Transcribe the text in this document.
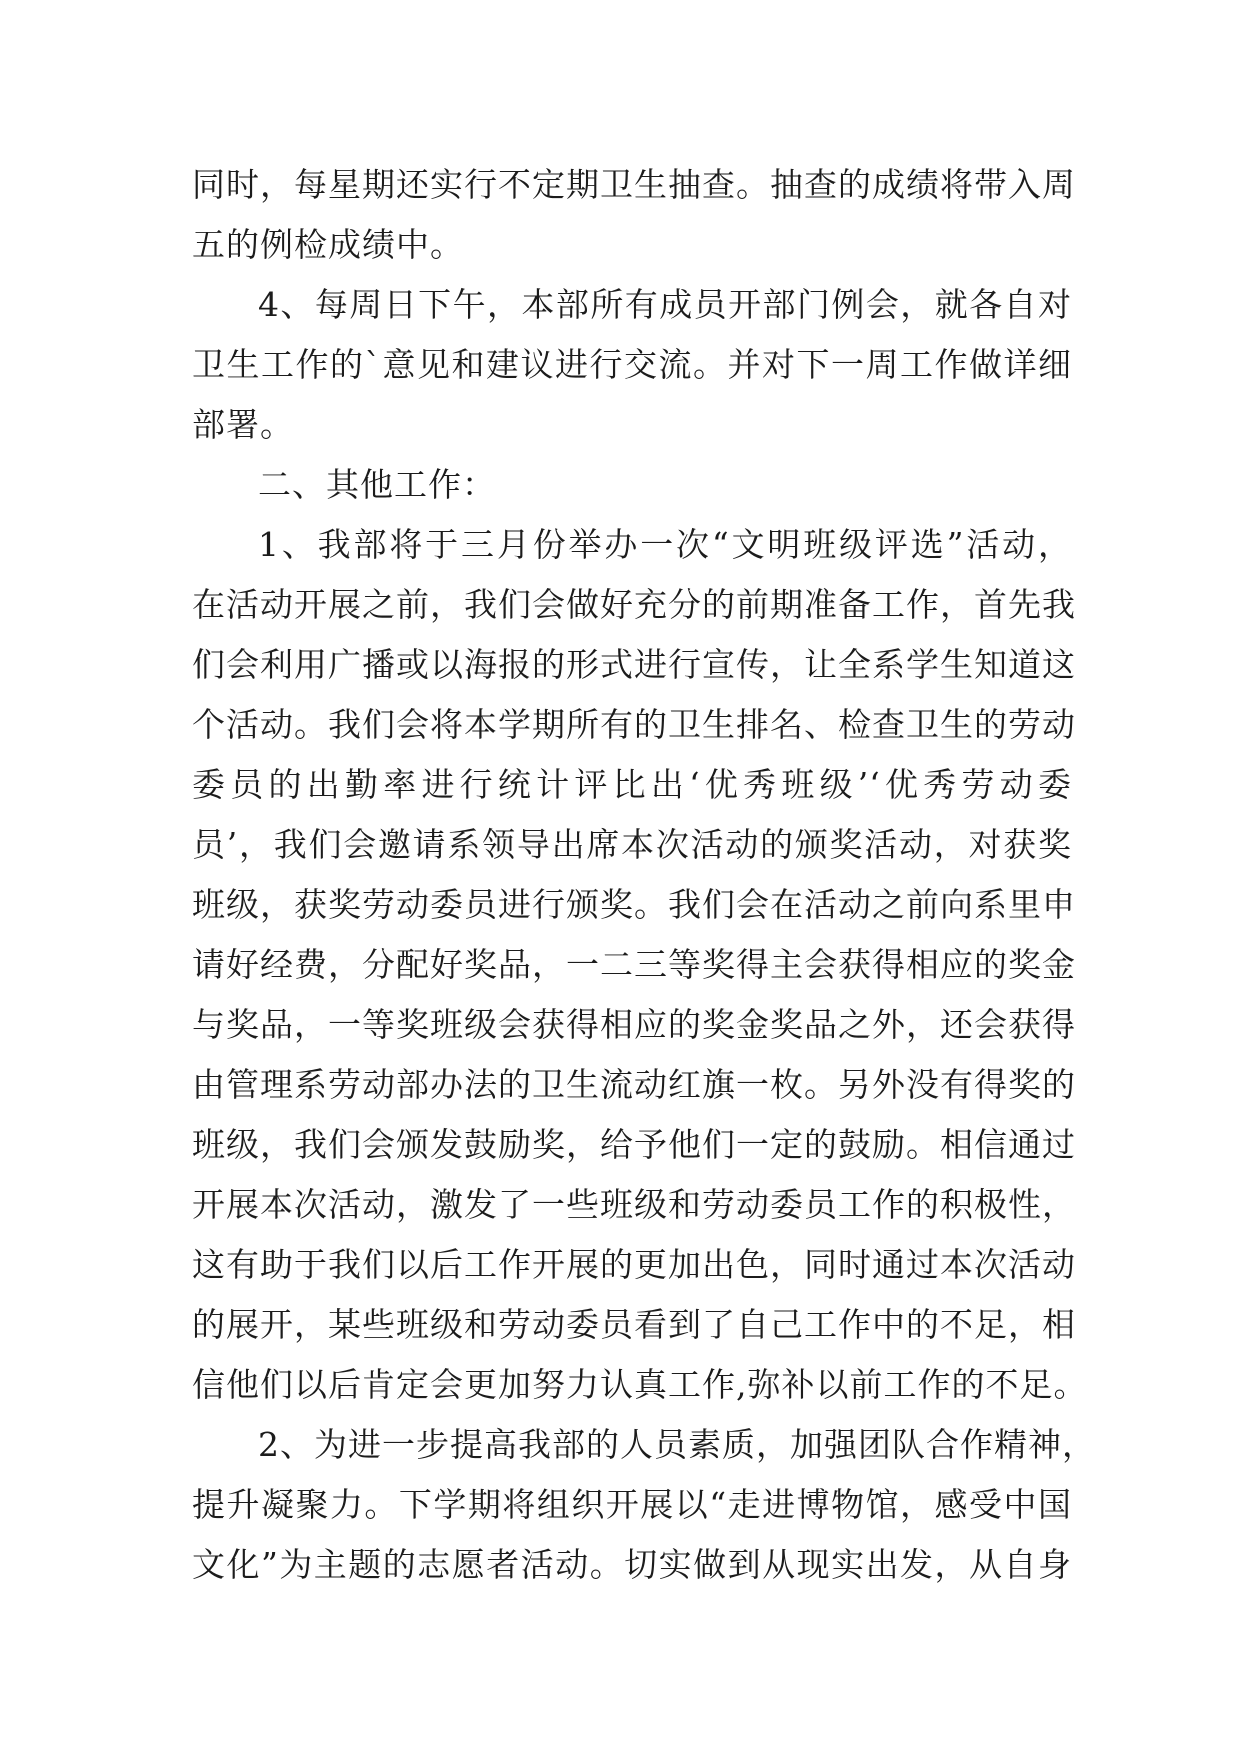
同时，每星期还实行不定期卫生抽查。抽查的成绩将带入周
五的例检成绩中。
4、每周日下午，本部所有成员开部门例会，就各自对
卫生工作的`意见和建议进行交流。并对下一周工作做详细
部署。
二、其他工作：
1、我部将于三月份举办一次“文明班级评选”活动，
在活动开展之前，我们会做好充分的前期准备工作，首先我
们会利用广播或以海报的形式进行宣传，让全系学生知道这
个活动。我们会将本学期所有的卫生排名、检查卫生的劳动
委员的出勤率进行统计评比出‘优秀班级’‘优秀劳动委
员’，我们会邀请系领导出席本次活动的颁奖活动，对获奖
班级，获奖劳动委员进行颁奖。我们会在活动之前向系里申
请好经费，分配好奖品，一二三等奖得主会获得相应的奖金
与奖品，一等奖班级会获得相应的奖金奖品之外，还会获得
由管理系劳动部办法的卫生流动红旗一枚。另外没有得奖的
班级，我们会颁发鼓励奖，给予他们一定的鼓励。相信通过
开展本次活动，激发了一些班级和劳动委员工作的积极性，
这有助于我们以后工作开展的更加出色，同时通过本次活动
的展开，某些班级和劳动委员看到了自己工作中的不足，相
信他们以后肯定会更加努力认真工作,弥补以前工作的不足。
2、为进一步提高我部的人员素质，加强团队合作精神，
提升凝聚力。下学期将组织开展以“走进博物馆，感受中国
文化”为主题的志愿者活动。切实做到从现实出发，从自身
